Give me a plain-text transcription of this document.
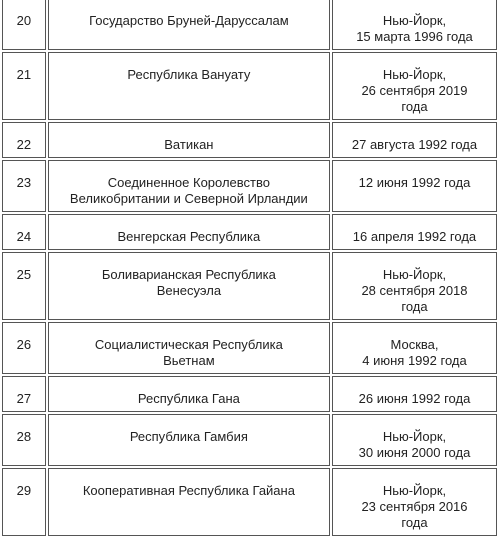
20	Государство Бруней-Даруссалам	Нью-Йорк,
15 марта 1996 года

21	Республика Вануату	Нью-Йорк,
26 сентября 2019
года

22	Ватикан	27 августа 1992 года

23	Соединенное Королевство
Великобритании и Северной Ирландии	12 июня 1992 года

24	Венгерская Республика	16 апреля 1992 года

25	Боливарианская Республика
Венесуэла	Нью-Йорк,
28 сентября 2018
года

26	Социалистическая Республика
Вьетнам	Москва,
4 июня 1992 года

27	Республика Гана	26 июня 1992 года

28	Республика Гамбия	Нью-Йорк,
30 июня 2000 года

29	Кооперативная Республика Гайана	Нью-Йорк,
23 сентября 2016
года
